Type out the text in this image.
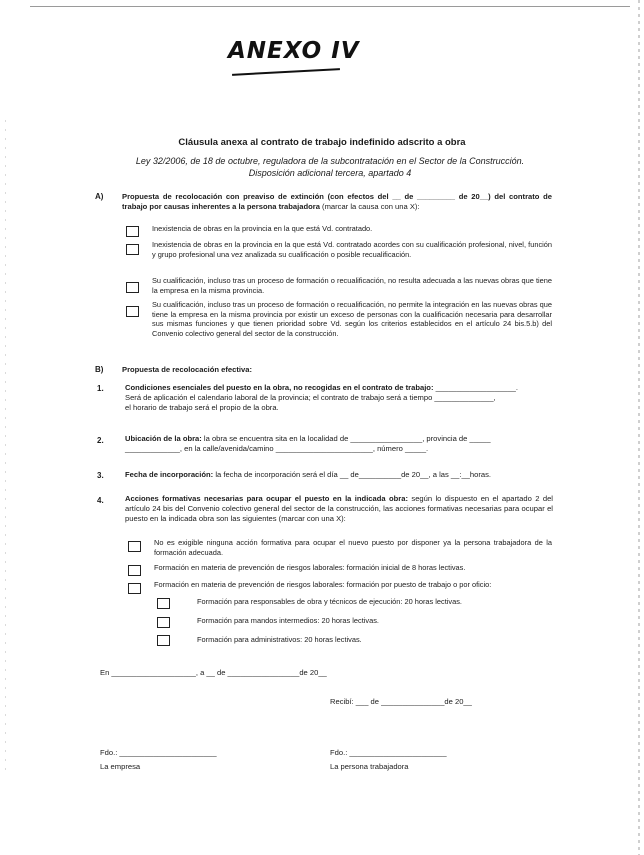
ANEXO IV
Cláusula anexa al contrato de trabajo indefinido adscrito a obra
Ley 32/2006, de 18 de octubre, reguladora de la subcontratación en el Sector de la Construcción. Disposición adicional tercera, apartado 4
A) Propuesta de recolocación con preaviso de extinción (con efectos del __ de _________ de 20__) del contrato de trabajo por causas inherentes a la persona trabajadora (marcar la causa con una X):
Inexistencia de obras en la provincia en la que está Vd. contratado.
Inexistencia de obras en la provincia en la que está Vd. contratado acordes con su cualificación profesional, nivel, función y grupo profesional una vez analizada su cualificación o posible recualificación.
Su cualificación, incluso tras un proceso de formación o recualificación, no resulta adecuada a las nuevas obras que tiene la empresa en la misma provincia.
Su cualificación, incluso tras un proceso de formación o recualificación, no permite la integración en las nuevas obras que tiene la empresa en la misma provincia por existir un exceso de personas con la cualificación necesaria para desarrollar sus mismas funciones y que tienen prioridad sobre Vd. según los criterios establecidos en el artículo 24 bis.5.b) del Convenio colectivo general del sector de la construcción.
B) Propuesta de recolocación efectiva:
1.	Condiciones esenciales del puesto en la obra, no recogidas en el contrato de trabajo: ___________________.
Será de aplicación el calendario laboral de la provincia; el contrato de trabajo será a tiempo ______________,
el horario de trabajo será el propio de la obra.
2.	Ubicación de la obra: la obra se encuentra sita en la localidad de _________________, provincia de _____
_____________, en la calle/avenida/camino _______________________, número _____.
3.	Fecha de incorporación: la fecha de incorporación será el día __ de__________de 20__, a las __:__horas.
4.	Acciones formativas necesarias para ocupar el puesto en la indicada obra: según lo dispuesto en el apartado 2 del artículo 24 bis del Convenio colectivo general del sector de la construcción, las acciones formativas necesarias para ocupar el puesto en la indicada obra son las siguientes (marcar con una X):
No es exigible ninguna acción formativa para ocupar el nuevo puesto por disponer ya la persona trabajadora de la formación adecuada.
Formación en materia de prevención de riesgos laborales: formación inicial de 8 horas lectivas.
Formación en materia de prevención de riesgos laborales: formación por puesto de trabajo o por oficio:
Formación para responsables de obra y técnicos de ejecución: 20 horas lectivas.
Formación para mandos intermedios: 20 horas lectivas.
Formación para administrativos: 20 horas lectivas.
En ____________________, a __ de _________________de 20__
Recibí: ___ de _______________de 20__
Fdo.: _______________________
La empresa
Fdo.: _______________________
La persona trabajadora
